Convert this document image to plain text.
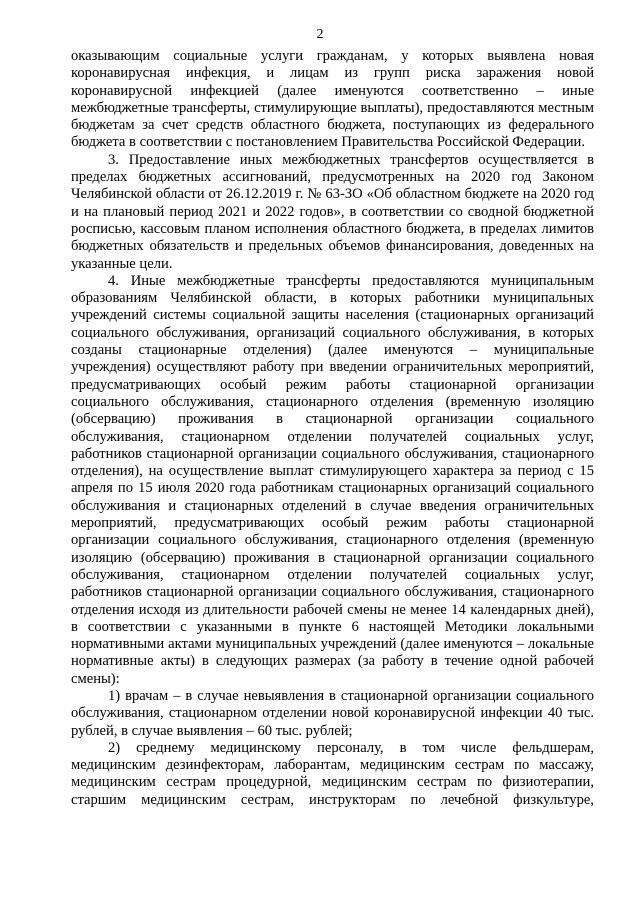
2

оказывающим социальные услуги гражданам, у которых выявлена новая коронавирусная инфекция, и лицам из групп риска заражения новой коронавирусной инфекцией (далее именуются соответственно – иные межбюджетные трансферты, стимулирующие выплаты), предоставляются местным бюджетам за счет средств областного бюджета, поступающих из федерального бюджета в соответствии с постановлением Правительства Российской Федерации.

3. Предоставление иных межбюджетных трансфертов осуществляется в пределах бюджетных ассигнований, предусмотренных на 2020 год Законом Челябинской области от 26.12.2019 г. № 63-ЗО «Об областном бюджете на 2020 год и на плановый период 2021 и 2022 годов», в соответствии со сводной бюджетной росписью, кассовым планом исполнения областного бюджета, в пределах лимитов бюджетных обязательств и предельных объемов финансирования, доведенных на указанные цели.

4. Иные межбюджетные трансферты предоставляются муниципальным образованиям Челябинской области, в которых работники муниципальных учреждений системы социальной защиты населения (стационарных организаций социального обслуживания, организаций социального обслуживания, в которых созданы стационарные отделения) (далее именуются – муниципальные учреждения) осуществляют работу при введении ограничительных мероприятий, предусматривающих особый режим работы стационарной организации социального обслуживания, стационарного отделения (временную изоляцию (обсервацию) проживания в стационарной организации социального обслуживания, стационарном отделении получателей социальных услуг, работников стационарной организации социального обслуживания, стационарного отделения), на осуществление выплат стимулирующего характера за период с 15 апреля по 15 июля 2020 года работникам стационарных организаций социального обслуживания и стационарных отделений в случае введения ограничительных мероприятий, предусматривающих особый режим работы стационарной организации социального обслуживания, стационарного отделения (временную изоляцию (обсервацию) проживания в стационарной организации социального обслуживания, стационарном отделении получателей социальных услуг, работников стационарной организации социального обслуживания, стационарного отделения исходя из длительности рабочей смены не менее 14 календарных дней), в соответствии с указанными в пункте 6 настоящей Методики локальными нормативными актами муниципальных учреждений (далее именуются – локальные нормативные акты) в следующих размерах (за работу в течение одной рабочей смены):

1) врачам – в случае невыявления в стационарной организации социального обслуживания, стационарном отделении новой коронавирусной инфекции 40 тыс. рублей, в случае выявления – 60 тыс. рублей;

2) среднему медицинскому персоналу, в том числе фельдшерам, медицинским дезинфекторам, лаборантам, медицинским сестрам по массажу, медицинским сестрам процедурной, медицинским сестрам по физиотерапии, старшим медицинским сестрам, инструкторам по лечебной физкультуре,
